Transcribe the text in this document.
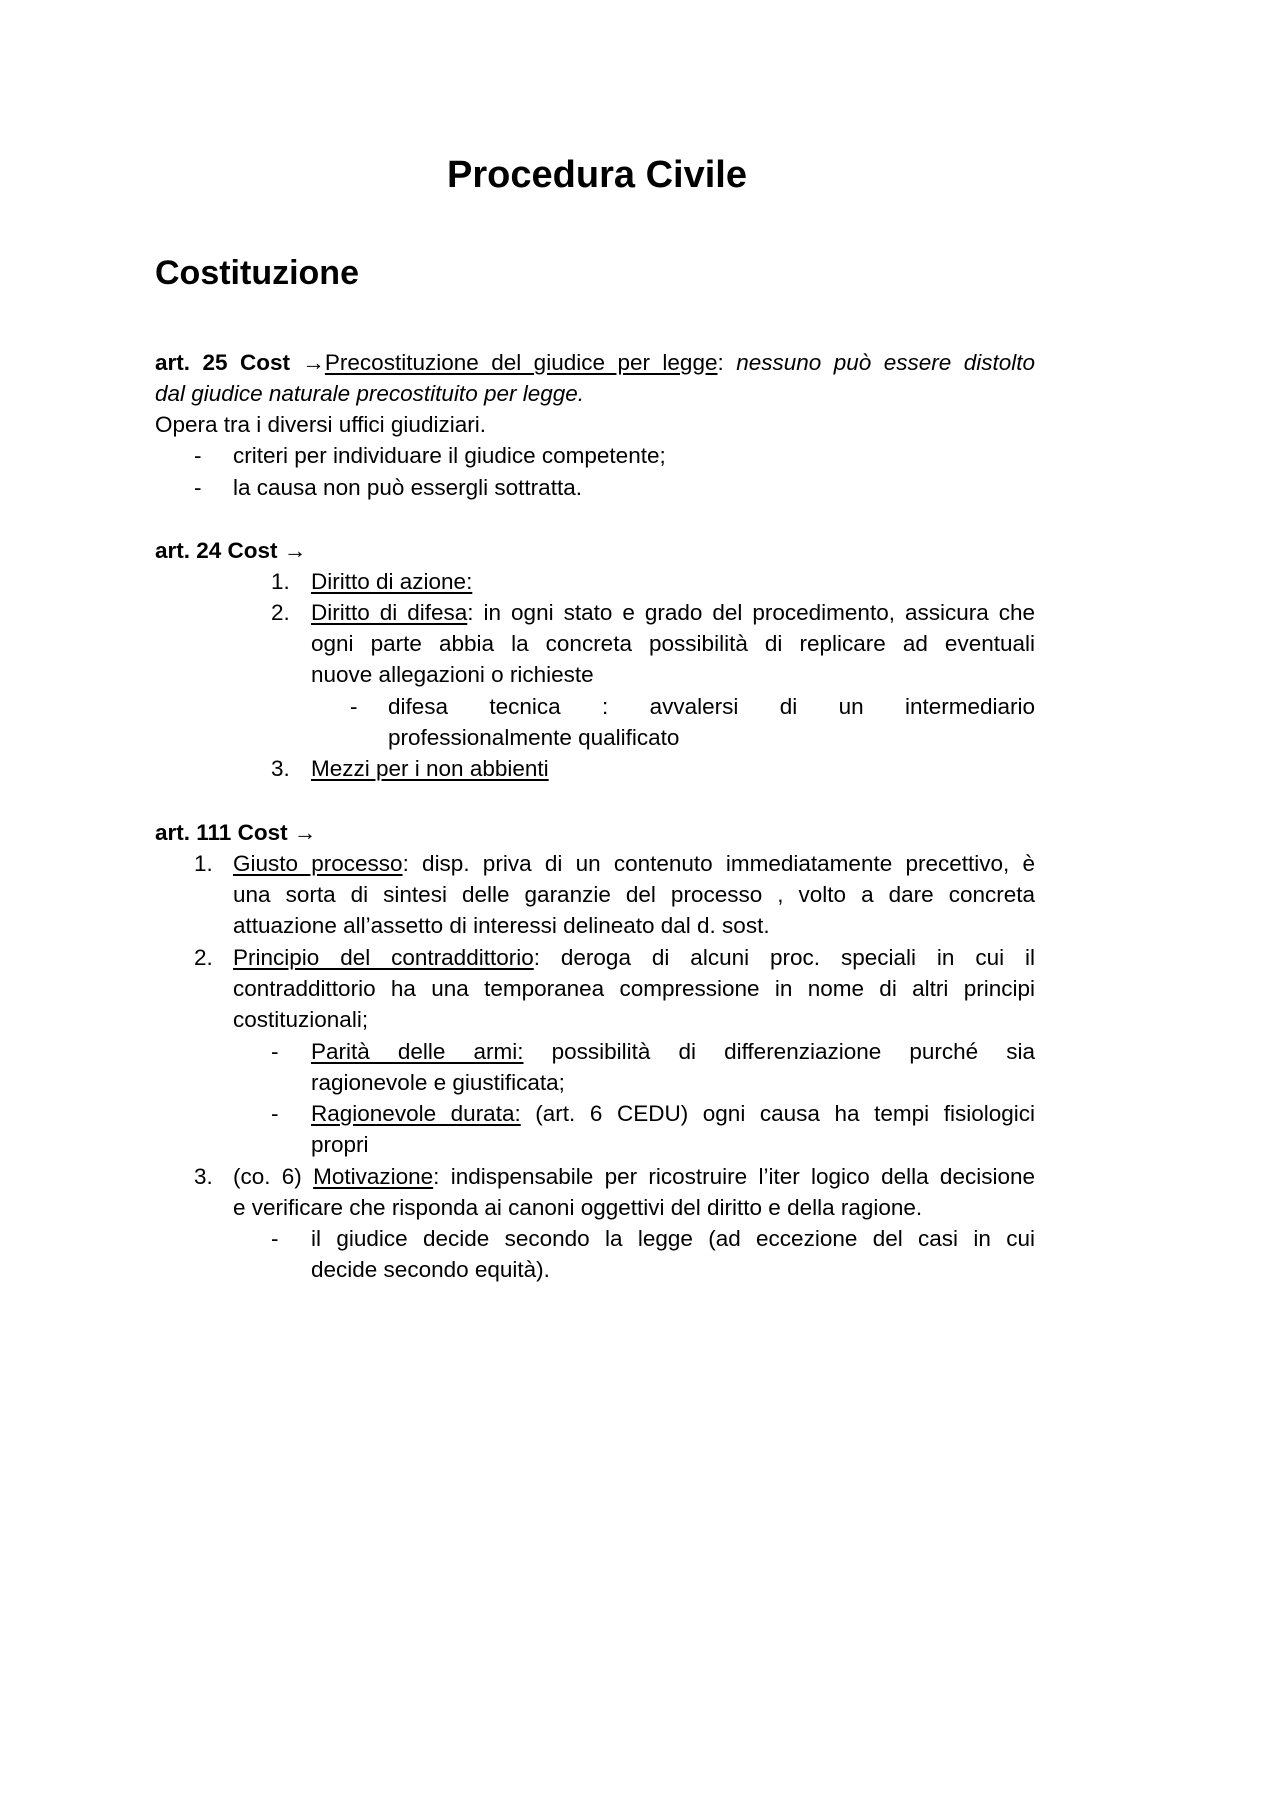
Procedura Civile
Costituzione
art. 25 Cost →Precostituzione del giudice per legge: nessuno può essere distolto
dal giudice naturale precostituito per legge.
Opera tra i diversi uffici giudiziari.
- criteri per individuare il giudice competente;
- la causa non può essergli sottratta.
art. 24 Cost →
1. Diritto di azione:
2. Diritto di difesa: in ogni stato e grado del procedimento, assicura che
ogni parte abbia la concreta possibilità di replicare ad eventuali
nuove allegazioni o richieste
- difesa tecnica : avvalersi di un intermediario
professionalmente qualificato
3. Mezzi per i non abbienti
art. 111 Cost →
1. Giusto processo: disp. priva di un contenuto immediatamente precettivo, è
una sorta di sintesi delle garanzie del processo , volto a dare concreta
attuazione all’assetto di interessi delineato dal d. sost.
2. Principio del contraddittorio: deroga di alcuni proc. speciali in cui il
contraddittorio ha una temporanea compressione in nome di altri principi
costituzionali;
- Parità delle armi: possibilità di differenziazione purché sia
ragionevole e giustificata;
- Ragionevole durata: (art. 6 CEDU) ogni causa ha tempi fisiologici
propri
3. (co. 6) Motivazione: indispensabile per ricostruire l’iter logico della decisione
e verificare che risponda ai canoni oggettivi del diritto e della ragione.
- il giudice decide secondo la legge (ad eccezione del casi in cui
decide secondo equità).
